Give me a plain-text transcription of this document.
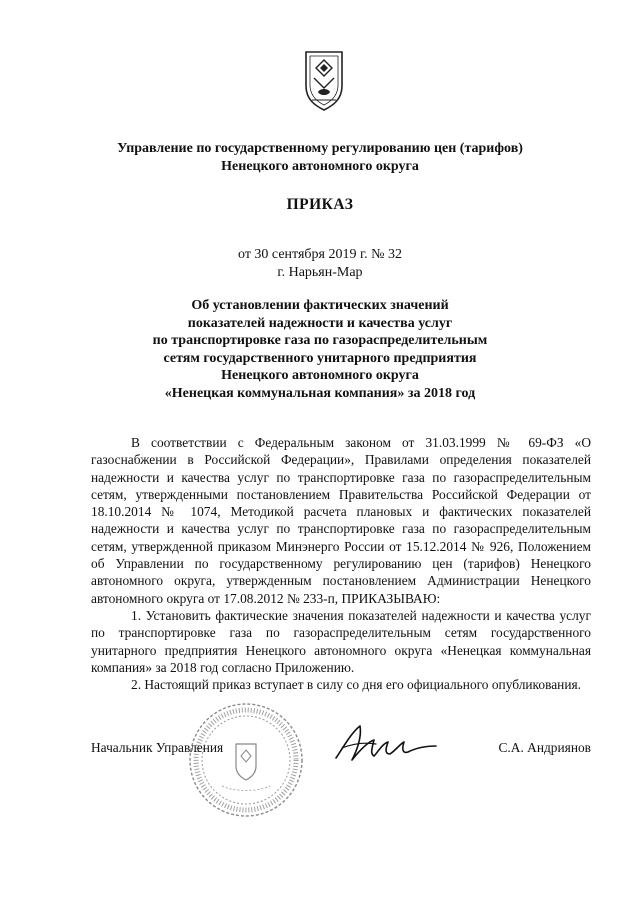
Управление по государственному регулированию цен (тарифов)
Ненецкого автономного округа
ПРИКАЗ
от 30 сентября 2019 г. № 32
г. Нарьян-Мар
Об установлении фактических значений
показателей надежности и качества услуг
по транспортировке газа по газораспределительным
сетям государственного унитарного предприятия
Ненецкого автономного округа
«Ненецкая коммунальная компания» за 2018 год

В соответствии с Федеральным законом от 31.03.1999 № 69-ФЗ «О газоснабжении в Российской Федерации», Правилами определения показателей надежности и качества услуг по транспортировке газа по газораспределительным сетям, утвержденными постановлением Правительства Российской Федерации от 18.10.2014 № 1074, Методикой расчета плановых и фактических показателей надежности и качества услуг по транспортировке газа по газораспределительным сетям, утвержденной приказом Минэнерго России от 15.12.2014 № 926, Положением об Управлении по государственному регулированию цен (тарифов) Ненецкого автономного округа, утвержденным постановлением Администрации Ненецкого автономного округа от 17.08.2012 № 233-п, ПРИКАЗЫВАЮ:

1. Установить фактические значения показателей надежности и качества услуг по транспортировке газа по газораспределительным сетям государственного унитарного предприятия Ненецкого автономного округа «Ненецкая коммунальная компания» за 2018 год согласно Приложению.

2. Настоящий приказ вступает в силу со дня его официального опубликования.

Начальник Управления	С.А. Андриянов
